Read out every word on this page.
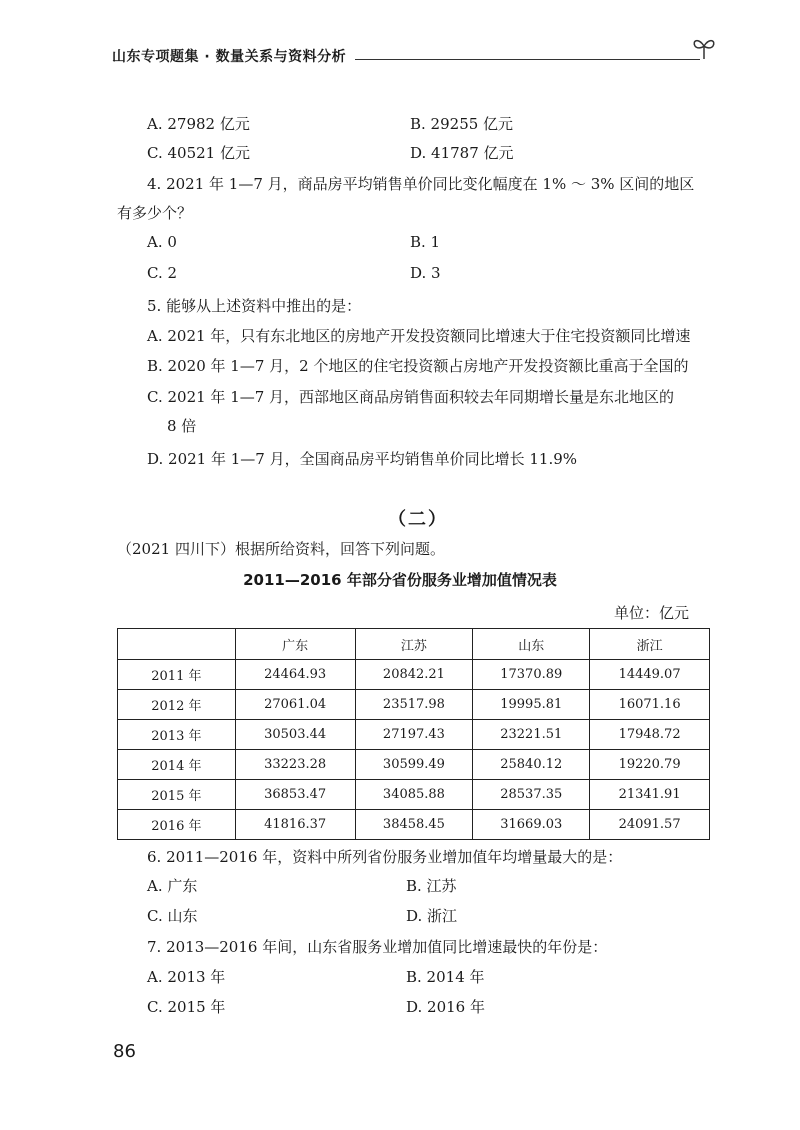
山东专项题集 · 数量关系与资料分析
A. 27982 亿元	B. 29255 亿元
C. 40521 亿元	D. 41787 亿元
4. 2021 年 1—7 月，商品房平均销售单价同比变化幅度在 1% ～ 3% 区间的地区
有多少个？
A. 0	B. 1
C. 2	D. 3
5. 能够从上述资料中推出的是：
A. 2021 年，只有东北地区的房地产开发投资额同比增速大于住宅投资额同比增速
B. 2020 年 1—7 月，2 个地区的住宅投资额占房地产开发投资额比重高于全国的
C. 2021 年 1—7 月，西部地区商品房销售面积较去年同期增长量是东北地区的
8 倍
D. 2021 年 1—7 月，全国商品房平均销售单价同比增长 11.9%
（二）
（2021 四川下）根据所给资料，回答下列问题。
2011—2016 年部分省份服务业增加值情况表
单位：亿元
	广东	江苏	山东	浙江
2011 年	24464.93	20842.21	17370.89	14449.07
2012 年	27061.04	23517.98	19995.81	16071.16
2013 年	30503.44	27197.43	23221.51	17948.72
2014 年	33223.28	30599.49	25840.12	19220.79
2015 年	36853.47	34085.88	28537.35	21341.91
2016 年	41816.37	38458.45	31669.03	24091.57
6. 2011—2016 年，资料中所列省份服务业增加值年均增量最大的是：
A. 广东	B. 江苏
C. 山东	D. 浙江
7. 2013—2016 年间，山东省服务业增加值同比增速最快的年份是：
A. 2013 年	B. 2014 年
C. 2015 年	D. 2016 年
86
